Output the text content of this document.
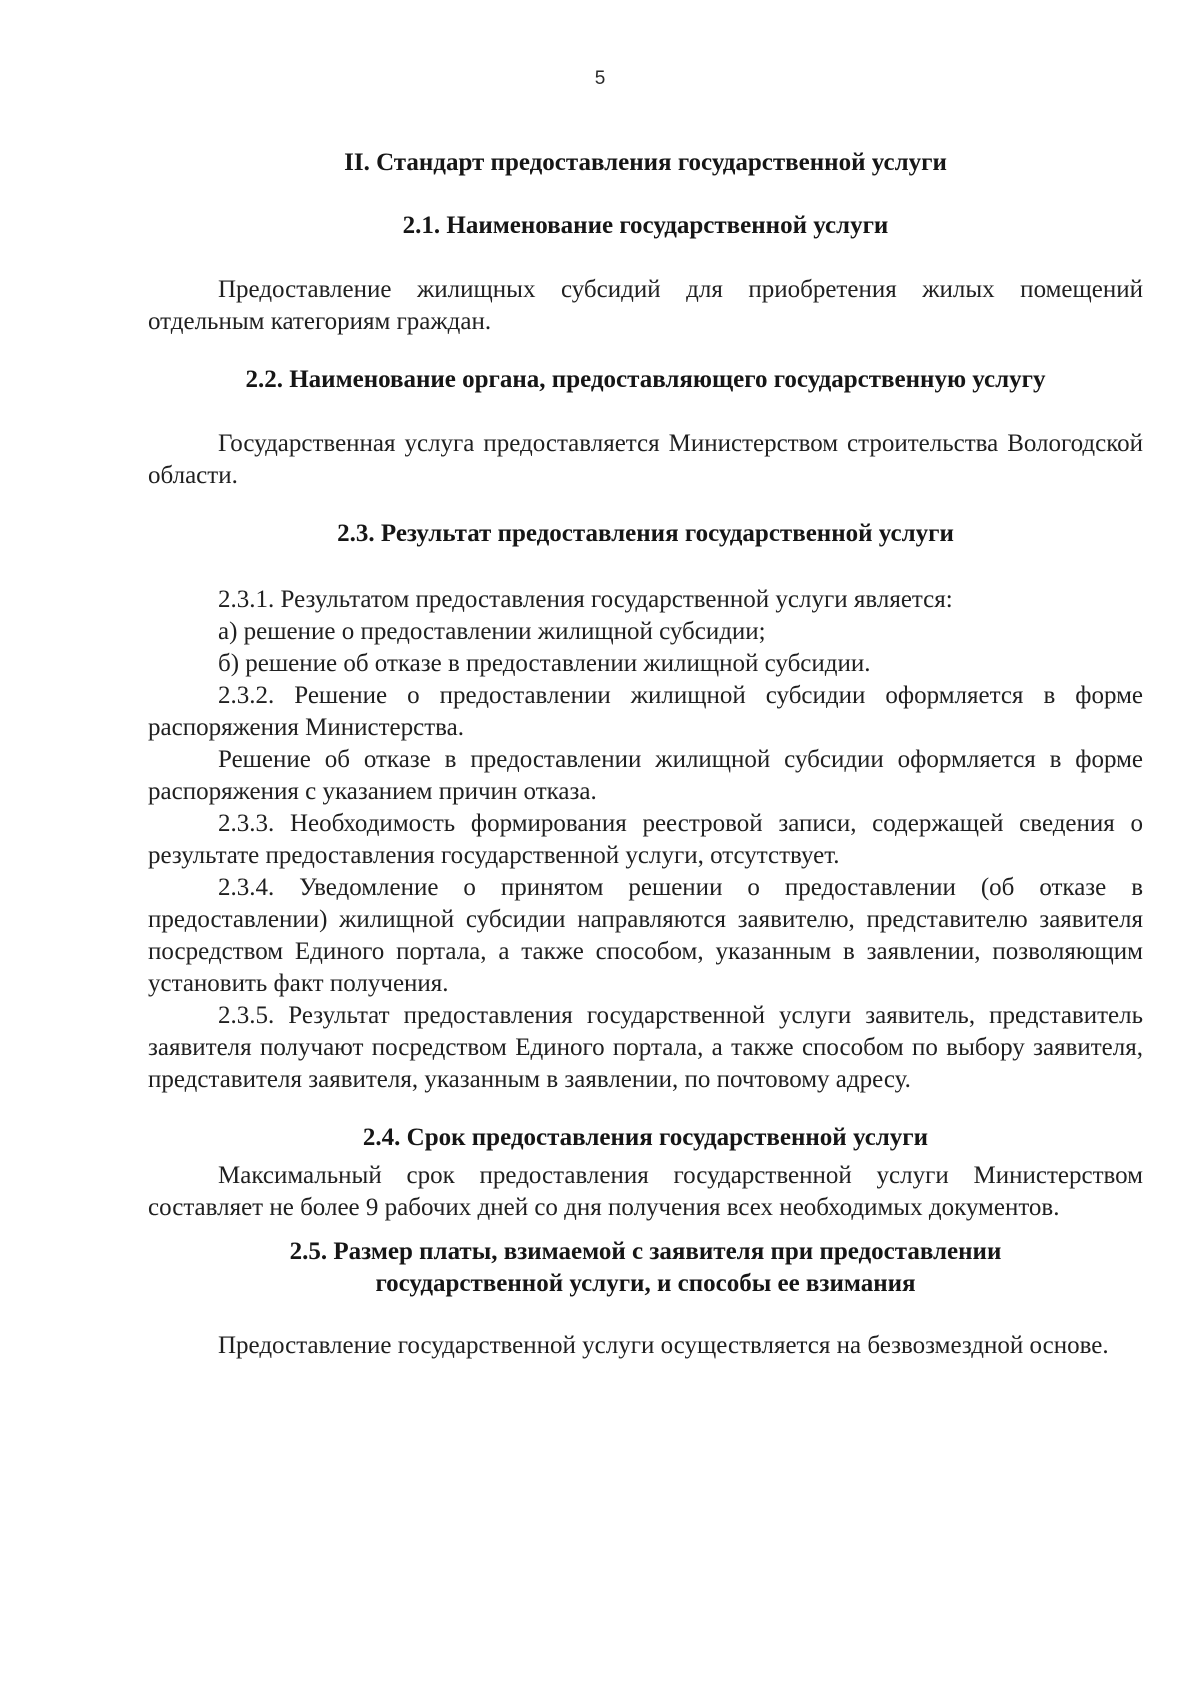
5
II. Стандарт предоставления государственной услуги
2.1. Наименование государственной услуги

Предоставление жилищных субсидий для приобретения жилых помещений отдельным категориям граждан.

2.2. Наименование органа, предоставляющего государственную услугу

Государственная услуга предоставляется Министерством строительства Вологодской области.

2.3. Результат предоставления государственной услуги

2.3.1. Результатом предоставления государственной услуги является:

а) решение о предоставлении жилищной субсидии;

б) решение об отказе в предоставлении жилищной субсидии.

2.3.2. Решение о предоставлении жилищной субсидии оформляется в форме распоряжения Министерства.

Решение об отказе в предоставлении жилищной субсидии оформляется в форме распоряжения с указанием причин отказа.

2.3.3. Необходимость формирования реестровой записи, содержащей сведения о результате предоставления государственной услуги, отсутствует.

2.3.4. Уведомление о принятом решении о предоставлении (об отказе в предоставлении) жилищной субсидии направляются заявителю, представителю заявителя посредством Единого портала, а также способом, указанным в заявлении, позволяющим установить факт получения.

2.3.5. Результат предоставления государственной услуги заявитель, представитель заявителя получают посредством Единого портала, а также способом по выбору заявителя, представителя заявителя, указанным в заявлении, по почтовому адресу.

2.4. Срок предоставления государственной услуги

Максимальный срок предоставления государственной услуги Министерством составляет не более 9 рабочих дней со дня получения всех необходимых документов.

2.5. Размер платы, взимаемой с заявителя при предоставлении
государственной услуги, и способы ее взимания

Предоставление государственной услуги осуществляется на безвозмездной основе.
